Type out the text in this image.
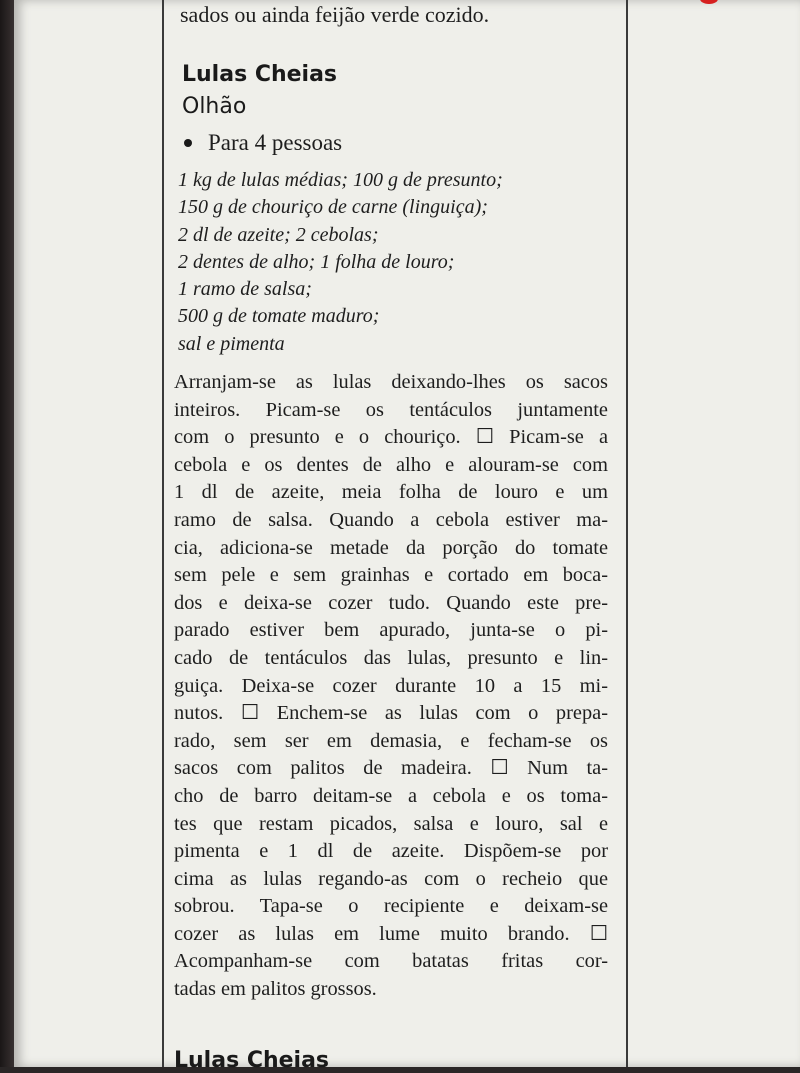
sados ou ainda feijão verde cozido.
Lulas Cheias
Olhão
Para 4 pessoas
1 kg de lulas médias; 100 g de presunto;
150 g de chouriço de carne (linguiça);
2 dl de azeite; 2 cebolas;
2 dentes de alho; 1 folha de louro;
1 ramo de salsa;
500 g de tomate maduro;
sal e pimenta
Arranjam-se as lulas deixando-lhes os sacos
inteiros. Picam-se os tentáculos juntamente
com o presunto e o chouriço. ☐ Picam-se a
cebola e os dentes de alho e alouram-se com
1 dl de azeite, meia folha de louro e um
ramo de salsa. Quando a cebola estiver ma-
cia, adiciona-se metade da porção do tomate
sem pele e sem grainhas e cortado em boca-
dos e deixa-se cozer tudo. Quando este pre-
parado estiver bem apurado, junta-se o pi-
cado de tentáculos das lulas, presunto e lin-
guiça. Deixa-se cozer durante 10 a 15 mi-
nutos. ☐ Enchem-se as lulas com o prepa-
rado, sem ser em demasia, e fecham-se os
sacos com palitos de madeira. ☐ Num ta-
cho de barro deitam-se a cebola e os toma-
tes que restam picados, salsa e louro, sal e
pimenta e 1 dl de azeite. Dispõem-se por
cima as lulas regando-as com o recheio que
sobrou. Tapa-se o recipiente e deixam-se
cozer as lulas em lume muito brando. ☐
Acompanham-se com batatas fritas cor-
tadas em palitos grossos.
Lulas Cheias
